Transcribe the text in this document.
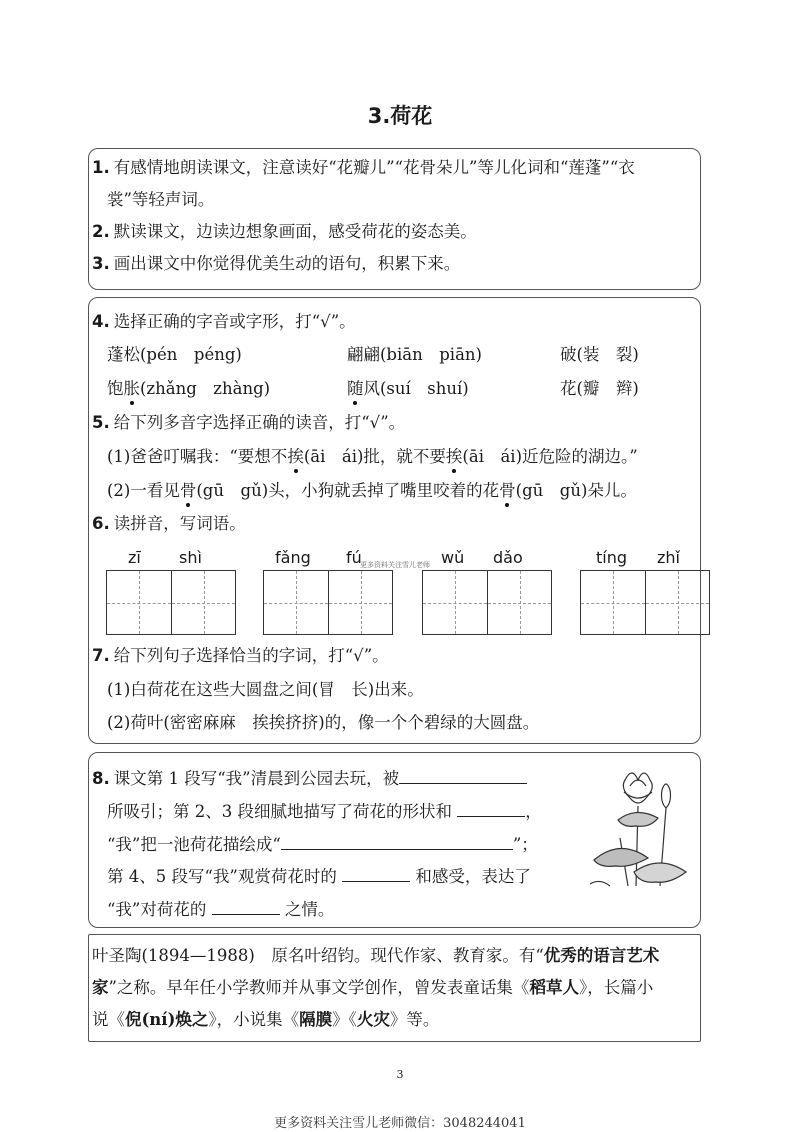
3.荷花
1. 有感情地朗读课文，注意读好“花瓣儿”“花骨朵儿”等儿化词和“莲蓬”“衣
裳”等轻声词。
2. 默读课文，边读边想象画面，感受荷花的姿态美。
3. 画出课文中你觉得优美生动的语句，积累下来。
4. 选择正确的字音或字形，打“√”。
蓬松(pén　péng)	翩翩(biān　piān)	破(装　裂)
饱胀(zhǎng　zhàng)	随风(suí　shuí)	花(瓣　辫)
5. 给下列多音字选择正确的读音，打“√”。
(1)爸爸叮嘱我：“要想不挨(āi　ái)批，就不要挨(āi　ái)近危险的湖边。”
(2)一看见骨(gū　gǔ)头，小狗就丢掉了嘴里咬着的花骨(gū　gǔ)朵儿。
6. 读拼音，写词语。
zī shì	fǎng fú	wǔ dǎo	tíng zhǐ
更多资料关注雪儿老师
7. 给下列句子选择恰当的字词，打“√”。
(1)白荷花在这些大圆盘之间(冒　长)出来。
(2)荷叶(密密麻麻　挨挨挤挤)的，像一个个碧绿的大圆盘。
8. 课文第 1 段写“我”清晨到公园去玩，被
所吸引；第 2、3 段细腻地描写了荷花的形状和	，
“我”把一池荷花描绘成“	”；
第 4、5 段写“我”观赏荷花时的	和感受，表达了
“我”对荷花的	之情。
叶圣陶(1894—1988)　原名叶绍钧。现代作家、教育家。有“优秀的语言艺术
家”之称。早年任小学教师并从事文学创作，曾发表童话集《稻草人》，长篇小
说《倪(ní)焕之》，小说集《隔膜》《火灾》等。
3
更多资料关注雪儿老师微信：3048244041
